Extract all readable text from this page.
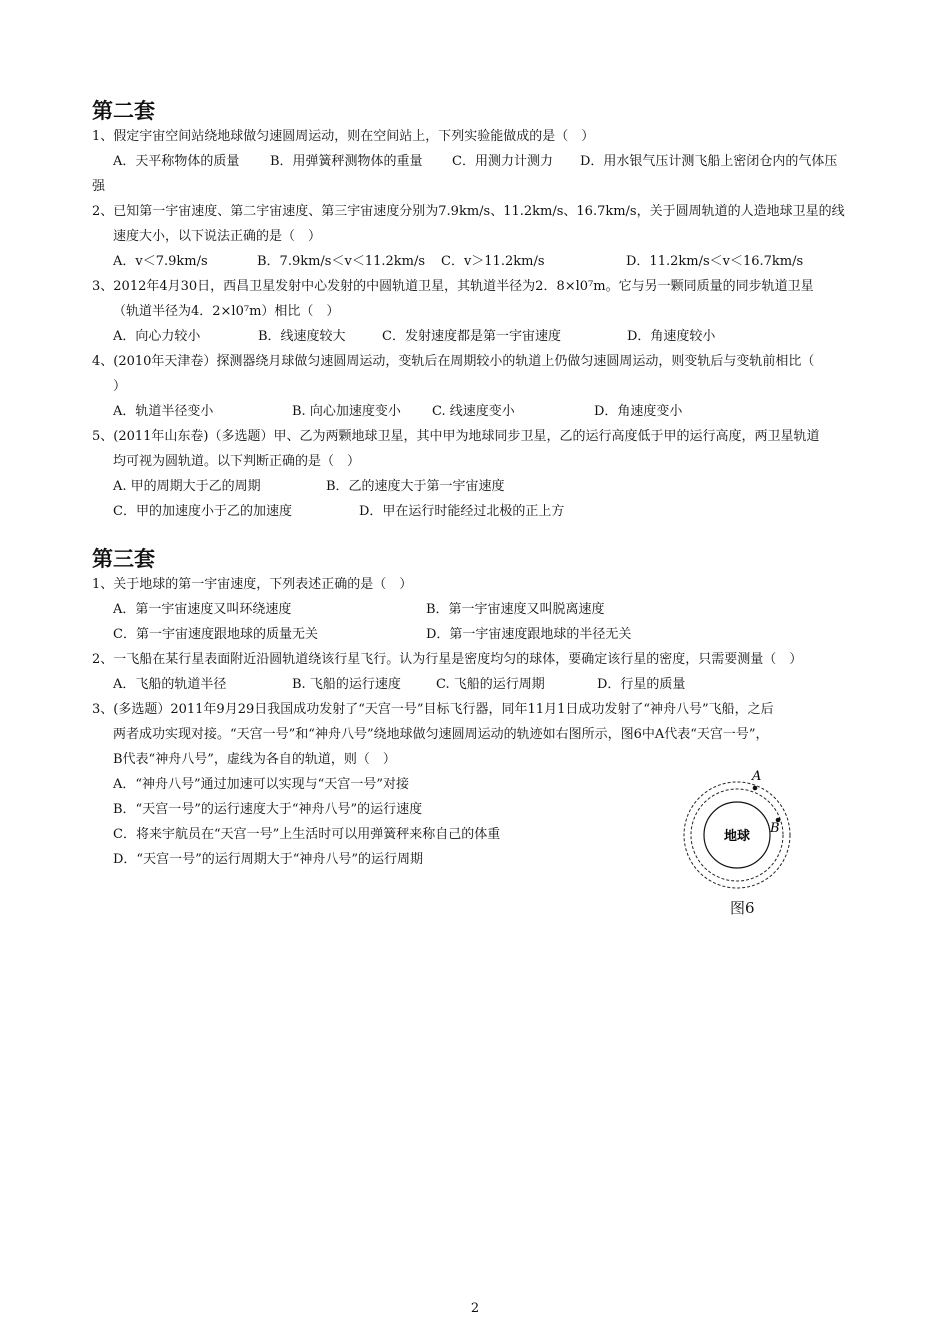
第二套
1、假定宇宙空间站绕地球做匀速圆周运动，则在空间站上，下列实验能做成的是（　）
A．天平称物体的质量 B．用弹簧秤测物体的重量 C．用测力计测力 D．用水银气压计测飞船上密闭仓内的气体压
强
2、已知第一宇宙速度、第二宇宙速度、第三宇宙速度分别为7.9km/s、11.2km/s、16.7km/s，关于圆周轨道的人造地球卫星的线
速度大小，以下说法正确的是（　）
A．v＜7.9km/s	B．7.9km/s＜v＜11.2km/s C．v＞11.2km/s	D．11.2km/s＜v＜16.7km/s
3、2012年4月30日，西昌卫星发射中心发射的中圆轨道卫星，其轨道半径为2．8×l0⁷m。它与另一颗同质量的同步轨道卫星
（轨道半径为4．2×l0⁷m）相比（　）
A．向心力较小	B．线速度较大	C．发射速度都是第一宇宙速度	D．角速度较小
4、(2010年天津卷）探测器绕月球做匀速圆周运动，变轨后在周期较小的轨道上仍做匀速圆周运动，则变轨后与变轨前相比（
）
A．轨道半径变小	B. 向心加速度变小 C. 线速度变小	D．角速度变小
5、(2011年山东卷)（多选题）甲、乙为两颗地球卫星，其中甲为地球同步卫星，乙的运行高度低于甲的运行高度，两卫星轨道
均可视为圆轨道。以下判断正确的是（　）
A. 甲的周期大于乙的周期	B．乙的速度大于第一宇宙速度
C．甲的加速度小于乙的加速度	D．甲在运行时能经过北极的正上方
第三套
1、关于地球的第一宇宙速度，下列表述正确的是（　）
A．第一宇宙速度又叫环绕速度	B．第一宇宙速度又叫脱离速度
C．第一宇宙速度跟地球的质量无关	D．第一宇宙速度跟地球的半径无关
2、一飞船在某行星表面附近沿圆轨道绕该行星飞行。认为行星是密度均匀的球体，要确定该行星的密度，只需要测量（　）
A．飞船的轨道半径	B. 飞船的运行速度	C. 飞船的运行周期	D．行星的质量
3、(多选题）2011年9月29日我国成功发射了“天宫一号”目标飞行器，同年11月1日成功发射了“神舟八号”飞船，之后
两者成功实现对接。“天宫一号”和“神舟八号”绕地球做匀速圆周运动的轨迹如右图所示，图6中A代表“天宫一号”，
B代表“神舟八号”，虚线为各自的轨道，则（　）
A．“神舟八号”通过加速可以实现与“天宫一号”对接
B．“天宫一号”的运行速度大于“神舟八号”的运行速度
C．将来宇航员在“天宫一号”上生活时可以用弹簧秤来称自己的体重
D．“天宫一号”的运行周期大于“神舟八号”的运行周期
地球
A
B
图6
2
